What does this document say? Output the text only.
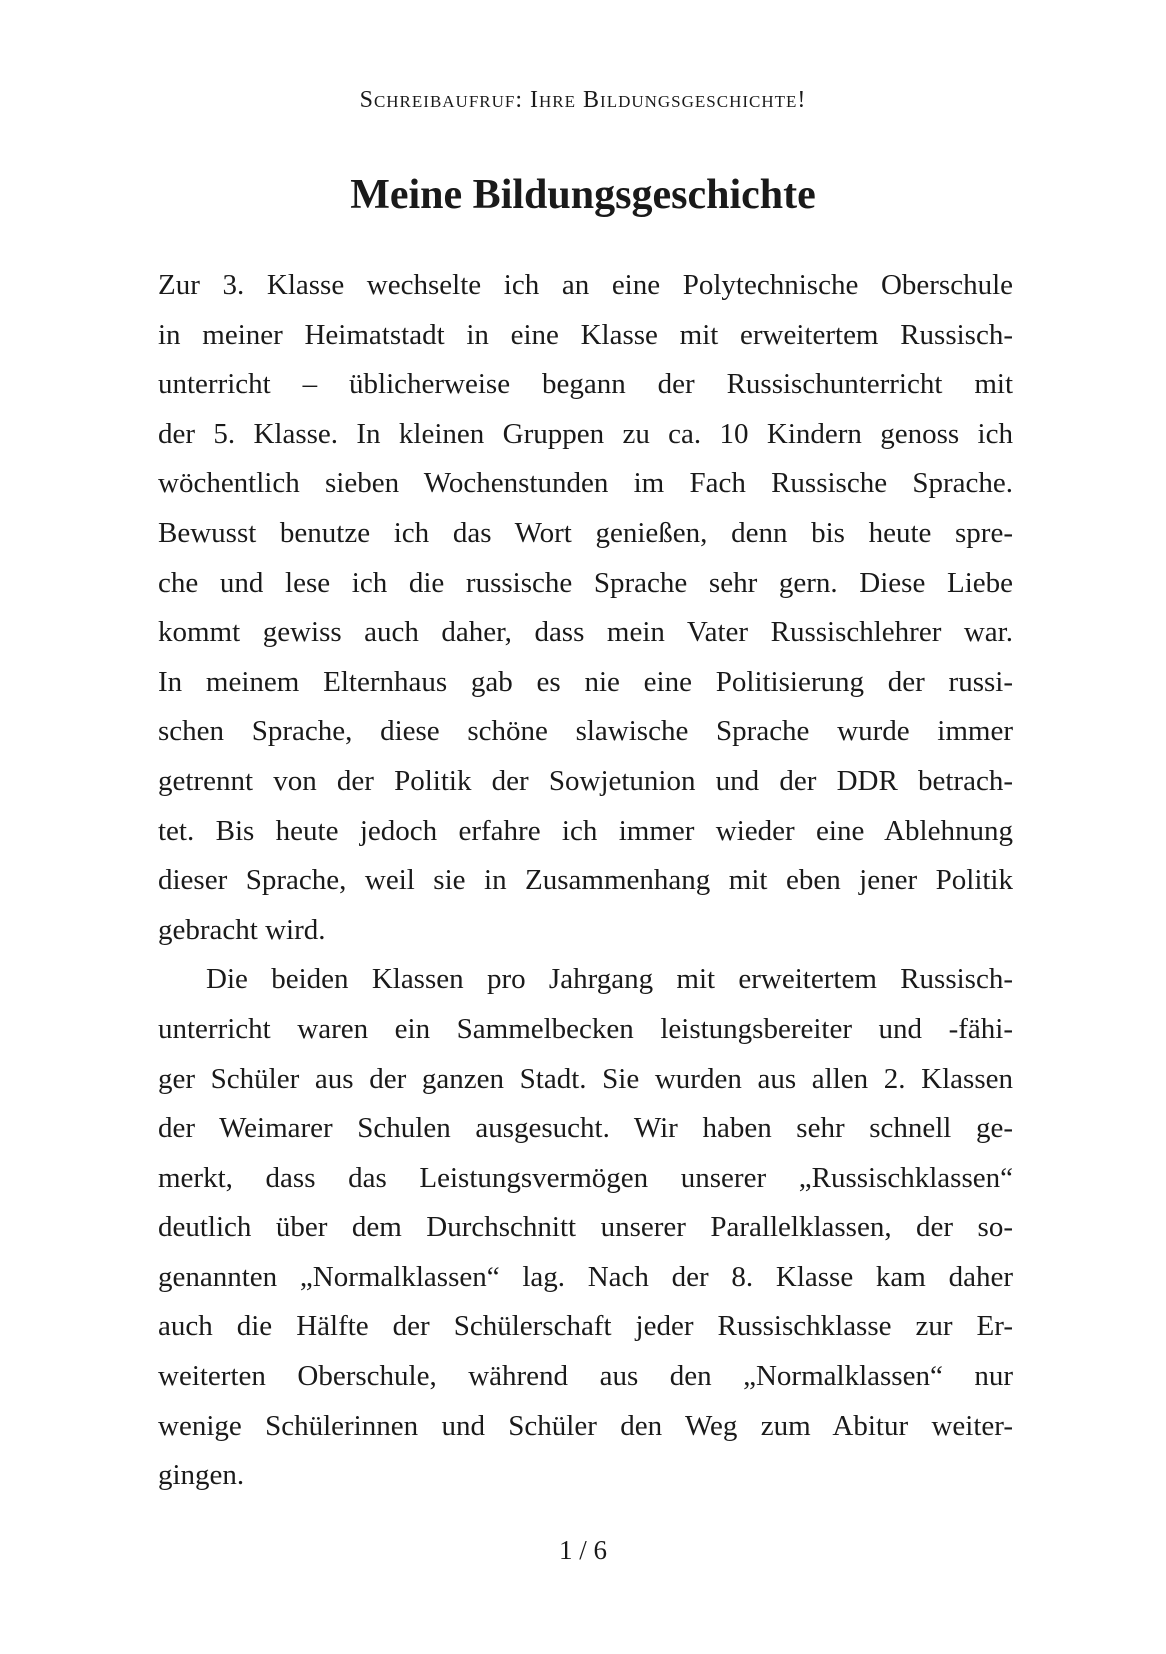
Schreibaufruf: Ihre Bildungsgeschichte!
Meine Bildungsgeschichte
Zur 3. Klasse wechselte ich an eine Polytechnische Oberschule
in meiner Heimatstadt in eine Klasse mit erweitertem Russisch-
unterricht – üblicherweise begann der Russischunterricht mit
der 5. Klasse. In kleinen Gruppen zu ca. 10 Kindern genoss ich
wöchentlich sieben Wochenstunden im Fach Russische Sprache.
Bewusst benutze ich das Wort genießen, denn bis heute spre-
che und lese ich die russische Sprache sehr gern. Diese Liebe
kommt gewiss auch daher, dass mein Vater Russischlehrer war.
In meinem Elternhaus gab es nie eine Politisierung der russi-
schen Sprache, diese schöne slawische Sprache wurde immer
getrennt von der Politik der Sowjetunion und der DDR betrach-
tet. Bis heute jedoch erfahre ich immer wieder eine Ablehnung
dieser Sprache, weil sie in Zusammenhang mit eben jener Politik
gebracht wird.
Die beiden Klassen pro Jahrgang mit erweitertem Russisch-
unterricht waren ein Sammelbecken leistungsbereiter und -fähi-
ger Schüler aus der ganzen Stadt. Sie wurden aus allen 2. Klassen
der Weimarer Schulen ausgesucht. Wir haben sehr schnell ge-
merkt, dass das Leistungsvermögen unserer „Russischklassen“
deutlich über dem Durchschnitt unserer Parallelklassen, der so-
genannten „Normalklassen“ lag. Nach der 8. Klasse kam daher
auch die Hälfte der Schülerschaft jeder Russischklasse zur Er-
weiterten Oberschule, während aus den „Normalklassen“ nur
wenige Schülerinnen und Schüler den Weg zum Abitur weiter-
gingen.
1 / 6
